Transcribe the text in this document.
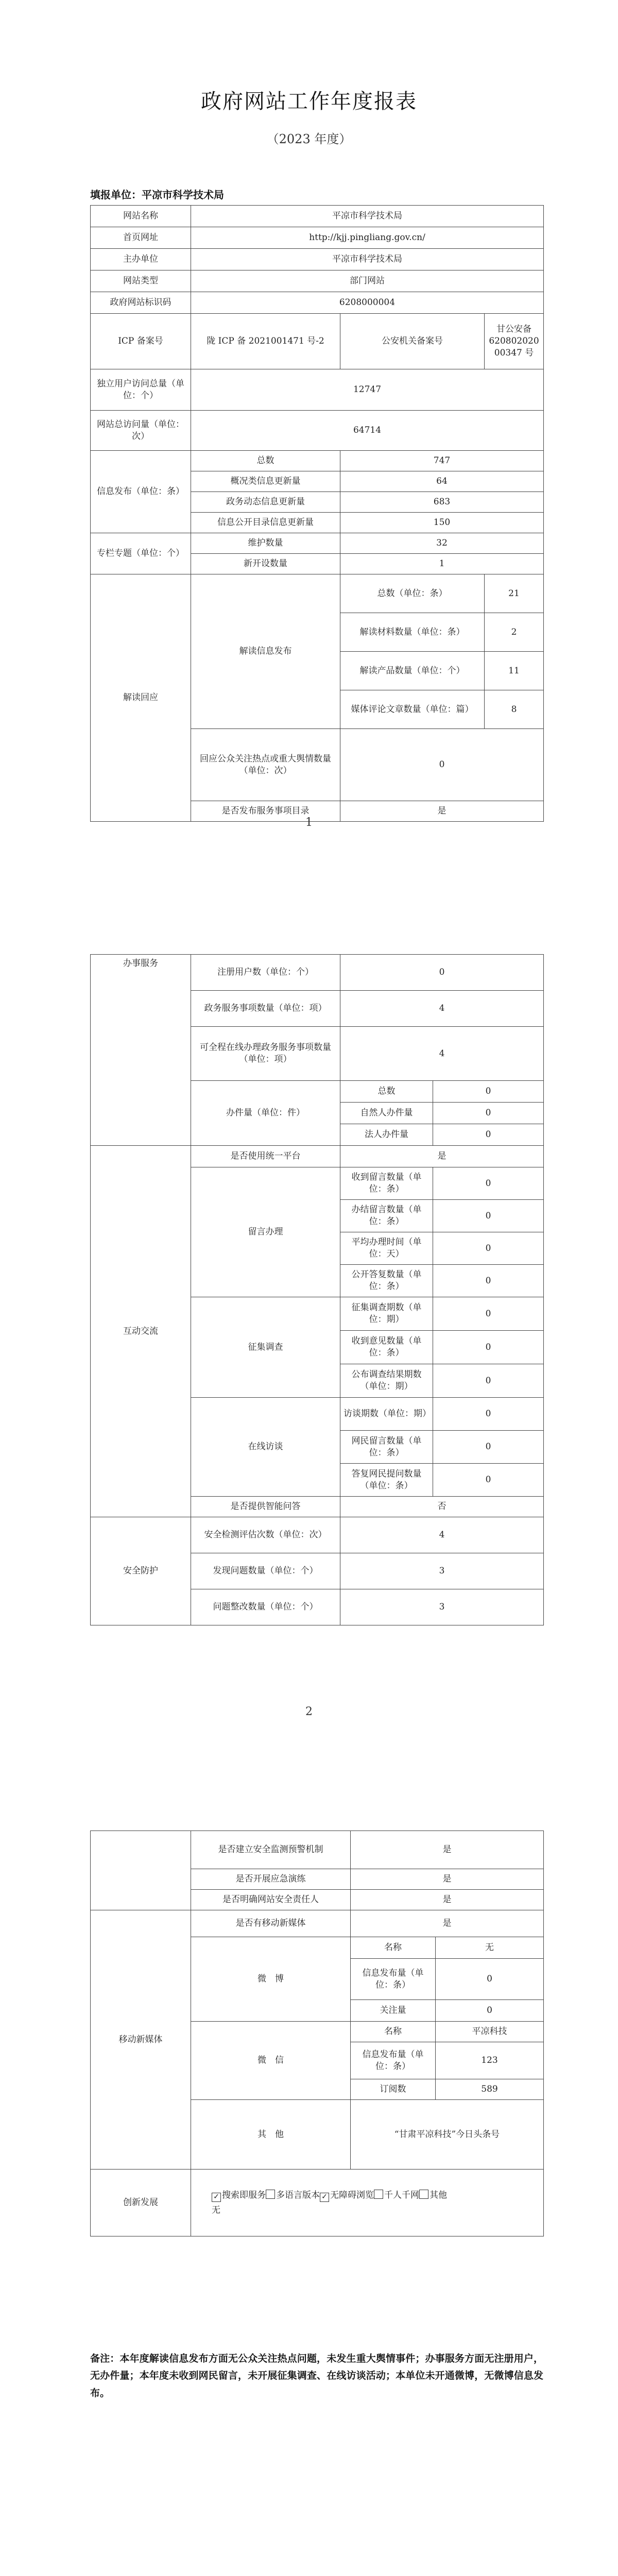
政府网站工作年度报表
（2023 年度）
填报单位：平凉市科学技术局
网站名称	平凉市科学技术局		
首页网址	http://kjj.pingliang.gov.cn/		
主办单位	平凉市科学技术局		
网站类型	部门网站		
政府网站标识码	6208000004		
ICP 备案号	陇 ICP 备 2021001471 号-2	公安机关备案号	甘公安备 62080202000347 号
独立用户访问总量（单位：个）	12747		
网站总访问量（单位：次）	64714		
信息发布（单位：条）	总数	747	
	概况类信息更新量	64	
	政务动态信息更新量	683	
	信息公开目录信息更新量	150	
专栏专题（单位：个）	维护数量	32	
	新开设数量	1	
解读回应	解读信息发布	总数（单位：条）	21
		解读材料数量（单位：条）	2
		解读产品数量（单位：个）	11
		媒体评论文章数量（单位：篇）	8
	回应公众关注热点或重大舆情数量（单位：次）	0	
	是否发布服务事项目录	是	
1
办事服务	注册用户数（单位：个）	0	
	政务服务事项数量（单位：项）	4	
	可全程在线办理政务服务事项数量（单位：项）	4	
	办件量（单位：件）	总数	0
		自然人办件量	0
		法人办件量	0
互动交流	是否使用统一平台	是	
	留言办理	收到留言数量（单位：条）	0
		办结留言数量（单位：条）	0
		平均办理时间（单位：天）	0
		公开答复数量（单位：条）	0
	征集调查	征集调查期数（单位：期）	0
		收到意见数量（单位：条）	0
		公布调查结果期数（单位：期）	0
	在线访谈	访谈期数（单位：期）	0
		网民留言数量（单位：条）	0
		答复网民提问数量（单位：条）	0
	是否提供智能问答	否	
安全防护	安全检测评估次数（单位：次）	4	
	发现问题数量（单位：个）	3	
	问题整改数量（单位：个）	3	
2
	是否建立安全监测预警机制	是	
	是否开展应急演练	是	
	是否明确网站安全责任人	是	
移动新媒体	是否有移动新媒体	是	
	微　博	名称	无
		信息发布量（单位：条）	0
		关注量	0
	微　信	名称	平凉科技
		信息发布量（单位：条）	123
		订阅数	589
	其　他	“甘肃平凉科技”今日头条号	
创新发展	✓ 搜索即服务 多语言版本 ✓ 无障碍浏览 千人千网 其他
无		
备注：本年度解读信息发布方面无公众关注热点问题，未发生重大舆情事件；办事服务方面无注册用户，无办件量；本年度未收到网民留言，未开展征集调查、在线访谈活动；本单位未开通微博，无微博信息发布。
